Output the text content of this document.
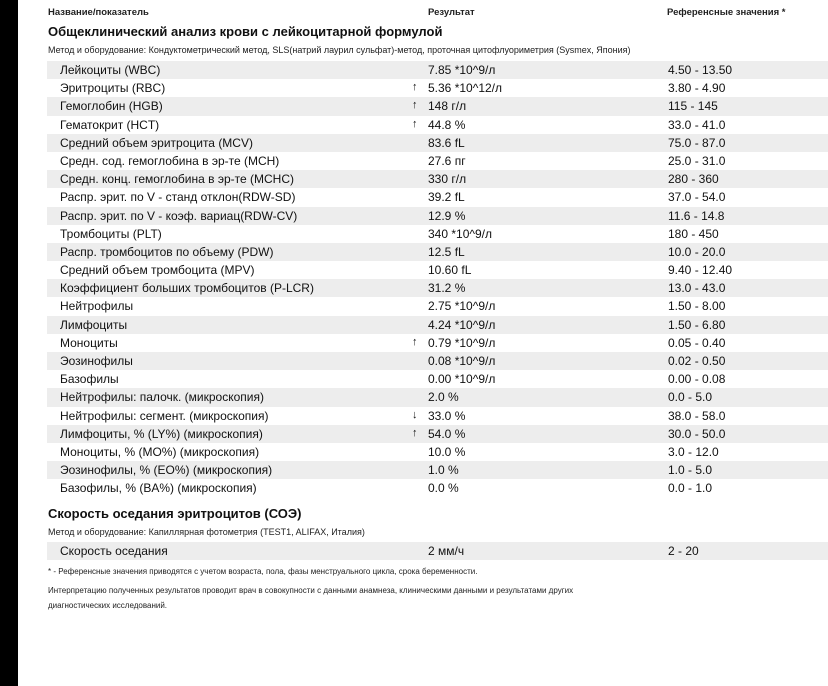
Название/показатель	Результат	Референсные значения *
Общеклинический анализ крови с лейкоцитарной формулой
Метод и оборудование: Кондуктометрический метод, SLS(натрий лаурил сульфат)-метод, проточная цитофлуориметрия (Sysmex, Япония)
Лейкоциты (WBC)	7.85 *10^9/л	4.50 - 13.50
Эритроциты (RBC)	↑ 5.36 *10^12/л	3.80 - 4.90
Гемоглобин (HGB)	↑ 148 г/л	115 - 145
Гематокрит (HCT)	↑ 44.8 %	33.0 - 41.0
Средний объем эритроцита (MCV)	83.6 fL	75.0 - 87.0
Средн. сод. гемоглобина в эр-те (MCH)	27.6 пг	25.0 - 31.0
Средн. конц. гемоглобина в эр-те (MCHC)	330 г/л	280 - 360
Распр. эрит. по V - станд отклон(RDW-SD)	39.2 fL	37.0 - 54.0
Распр. эрит. по V - коэф. вариац(RDW-CV)	12.9 %	11.6 - 14.8
Тромбоциты (PLT)	340 *10^9/л	180 - 450
Распр. тромбоцитов по объему (PDW)	12.5 fL	10.0 - 20.0
Средний объем тромбоцита (MPV)	10.60 fL	9.40 - 12.40
Коэффициент больших тромбоцитов (P-LCR)	31.2 %	13.0 - 43.0
Нейтрофилы	2.75 *10^9/л	1.50 - 8.00
Лимфоциты	4.24 *10^9/л	1.50 - 6.80
Моноциты	↑ 0.79 *10^9/л	0.05 - 0.40
Эозинофилы	0.08 *10^9/л	0.02 - 0.50
Базофилы	0.00 *10^9/л	0.00 - 0.08
Нейтрофилы: палочк. (микроскопия)	2.0 %	0.0 - 5.0
Нейтрофилы: сегмент. (микроскопия)	↓ 33.0 %	38.0 - 58.0
Лимфоциты, % (LY%) (микроскопия)	↑ 54.0 %	30.0 - 50.0
Моноциты, % (MO%) (микроскопия)	10.0 %	3.0 - 12.0
Эозинофилы, % (EO%) (микроскопия)	1.0 %	1.0 - 5.0
Базофилы, % (BA%) (микроскопия)	0.0 %	0.0 - 1.0
Скорость оседания эритроцитов (СОЭ)
Метод и оборудование: Капиллярная фотометрия (TEST1, ALIFAX, Италия)
Скорость оседания	2 мм/ч	2 - 20
* - Референсные значения приводятся с учетом возраста, пола, фазы менструального цикла, срока беременности.
Интерпретацию полученных результатов проводит врач в совокупности с данными анамнеза, клиническими данными и результатами других
диагностических исследований.
